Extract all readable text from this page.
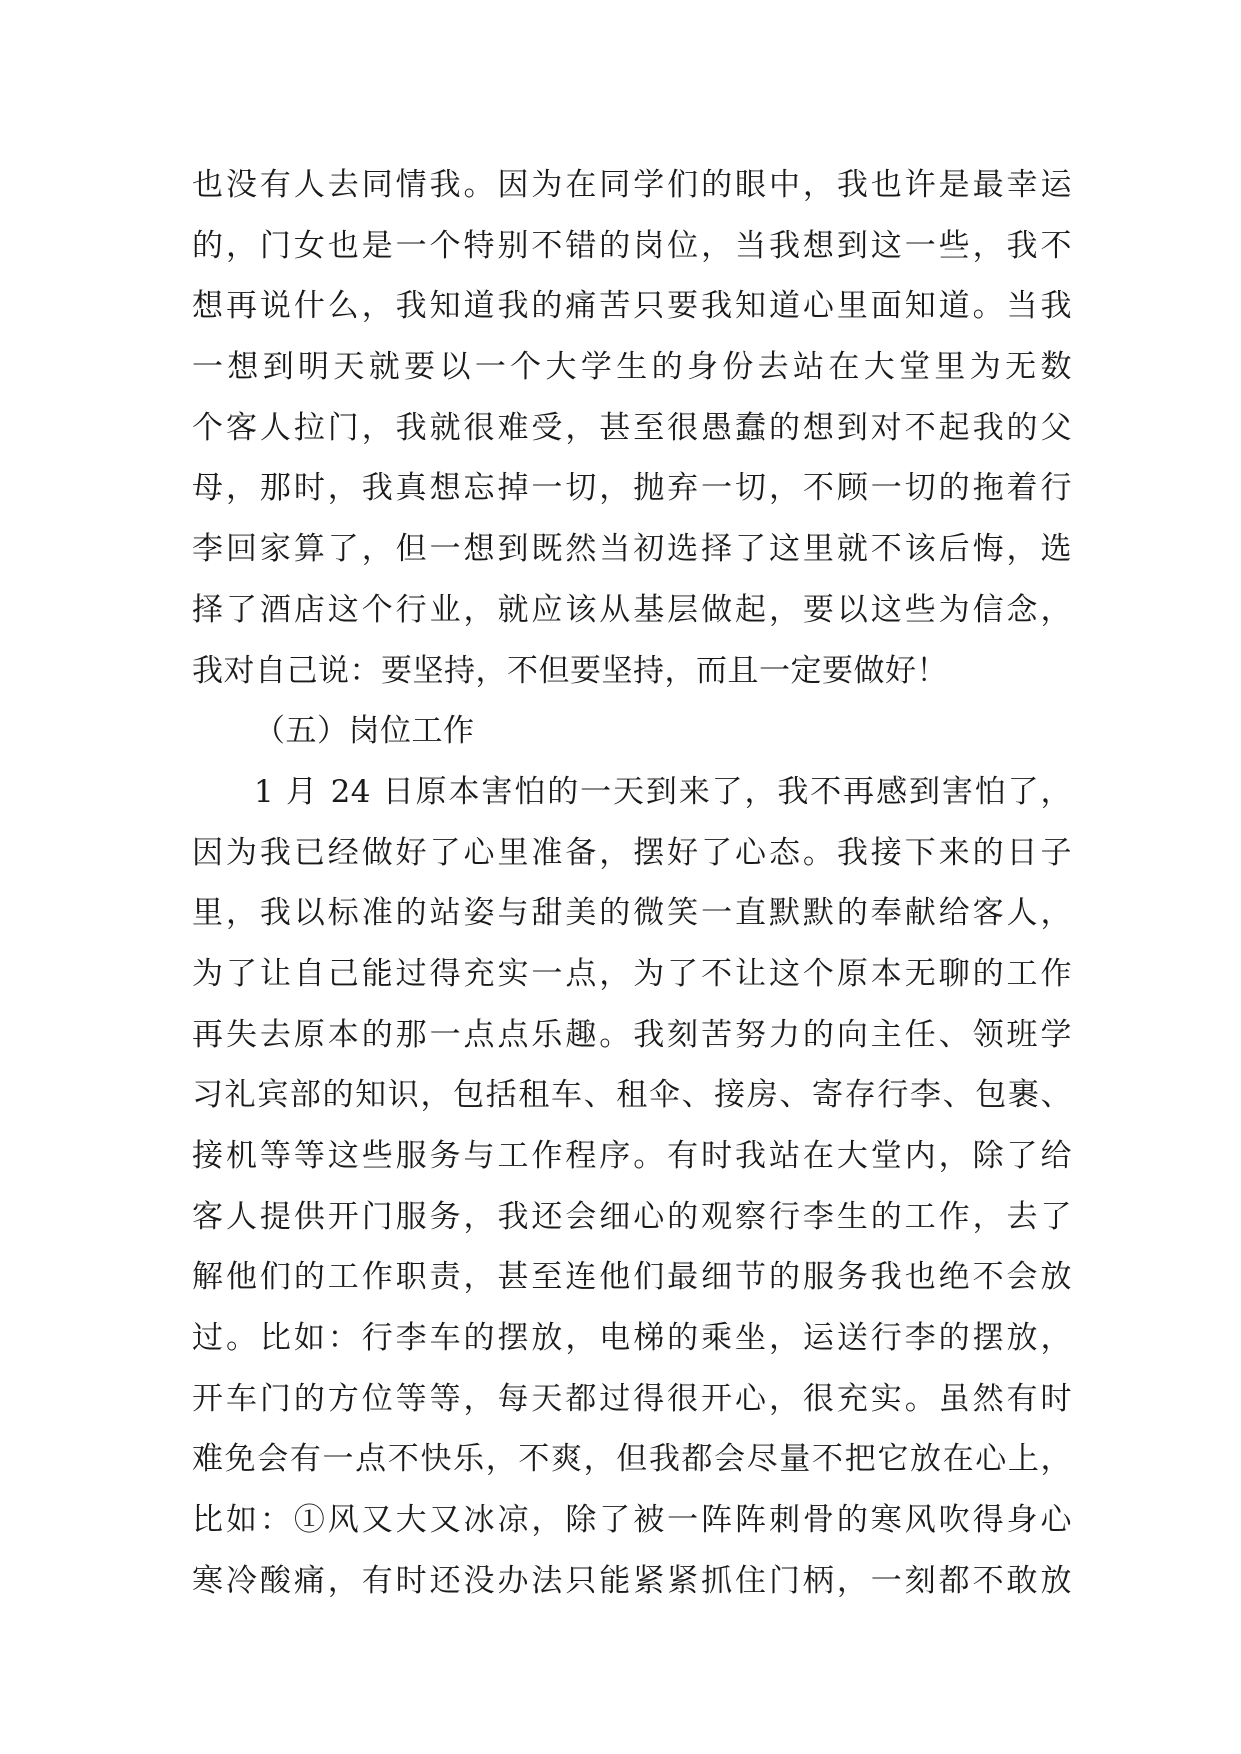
也没有人去同情我。因为在同学们的眼中，我也许是最幸运
的，门女也是一个特别不错的岗位，当我想到这一些，我不
想再说什么，我知道我的痛苦只要我知道心里面知道。当我
一想到明天就要以一个大学生的身份去站在大堂里为无数
个客人拉门，我就很难受，甚至很愚蠢的想到对不起我的父
母，那时，我真想忘掉一切，抛弃一切，不顾一切的拖着行
李回家算了，但一想到既然当初选择了这里就不该后悔，选
择了酒店这个行业，就应该从基层做起，要以这些为信念，
我对自己说：要坚持，不但要坚持，而且一定要做好！
（五）岗位工作
1 月 24 日原本害怕的一天到来了，我不再感到害怕了，
因为我已经做好了心里准备，摆好了心态。我接下来的日子
里，我以标准的站姿与甜美的微笑一直默默的奉献给客人，
为了让自己能过得充实一点，为了不让这个原本无聊的工作
再失去原本的那一点点乐趣。我刻苦努力的向主任、领班学
习礼宾部的知识，包括租车、租伞、接房、寄存行李、包裹、
接机等等这些服务与工作程序。有时我站在大堂内，除了给
客人提供开门服务，我还会细心的观察行李生的工作，去了
解他们的工作职责，甚至连他们最细节的服务我也绝不会放
过。比如：行李车的摆放，电梯的乘坐，运送行李的摆放，
开车门的方位等等，每天都过得很开心，很充实。虽然有时
难免会有一点不快乐，不爽，但我都会尽量不把它放在心上，
比如：①风又大又冰凉，除了被一阵阵刺骨的寒风吹得身心
寒冷酸痛，有时还没办法只能紧紧抓住门柄，一刻都不敢放
